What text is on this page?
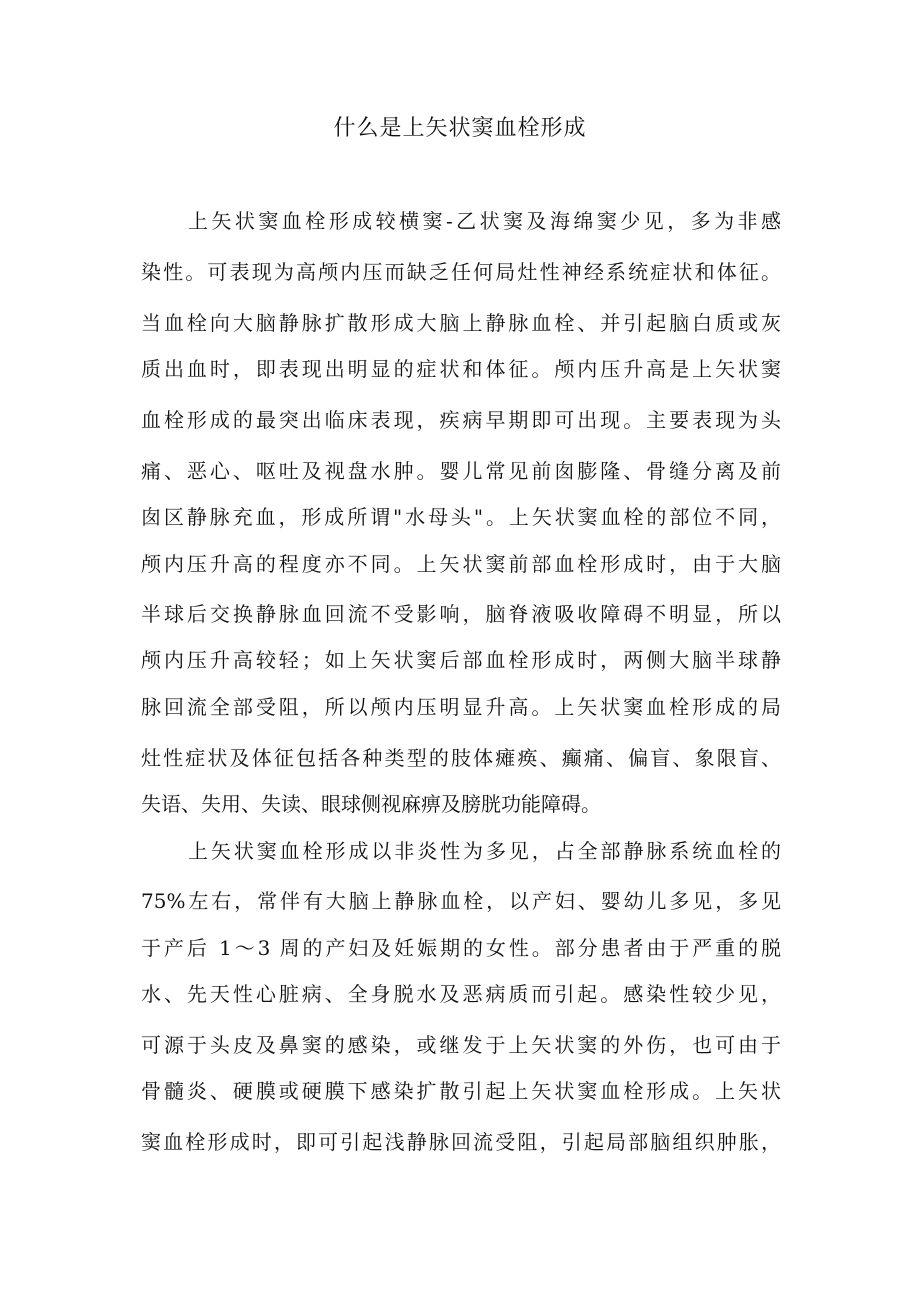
什么是上矢状窦血栓形成
上矢状窦血栓形成较横窦-乙状窦及海绵窦少见，多为非感
染性。可表现为高颅内压而缺乏任何局灶性神经系统症状和体征。
当血栓向大脑静脉扩散形成大脑上静脉血栓、并引起脑白质或灰
质出血时，即表现出明显的症状和体征。颅内压升高是上矢状窦
血栓形成的最突出临床表现，疾病早期即可出现。主要表现为头
痛、恶心、呕吐及视盘水肿。婴儿常见前囱膨隆、骨缝分离及前
囱区静脉充血，形成所谓"水母头"。上矢状窦血栓的部位不同，
颅内压升高的程度亦不同。上矢状窦前部血栓形成时，由于大脑
半球后交换静脉血回流不受影响，脑脊液吸收障碍不明显，所以
颅内压升高较轻；如上矢状窦后部血栓形成时，两侧大脑半球静
脉回流全部受阻，所以颅内压明显升高。上矢状窦血栓形成的局
灶性症状及体征包括各种类型的肢体瘫痪、癫痛、偏盲、象限盲、
失语、失用、失读、眼球侧视麻痹及膀胱功能障碍。
上矢状窦血栓形成以非炎性为多见，占全部静脉系统血栓的
75%左右，常伴有大脑上静脉血栓，以产妇、婴幼儿多见，多见
于产后 1～3 周的产妇及妊娠期的女性。部分患者由于严重的脱
水、先天性心脏病、全身脱水及恶病质而引起。感染性较少见，
可源于头皮及鼻窦的感染，或继发于上矢状窦的外伤，也可由于
骨髓炎、硬膜或硬膜下感染扩散引起上矢状窦血栓形成。上矢状
窦血栓形成时，即可引起浅静脉回流受阻，引起局部脑组织肿胀，
